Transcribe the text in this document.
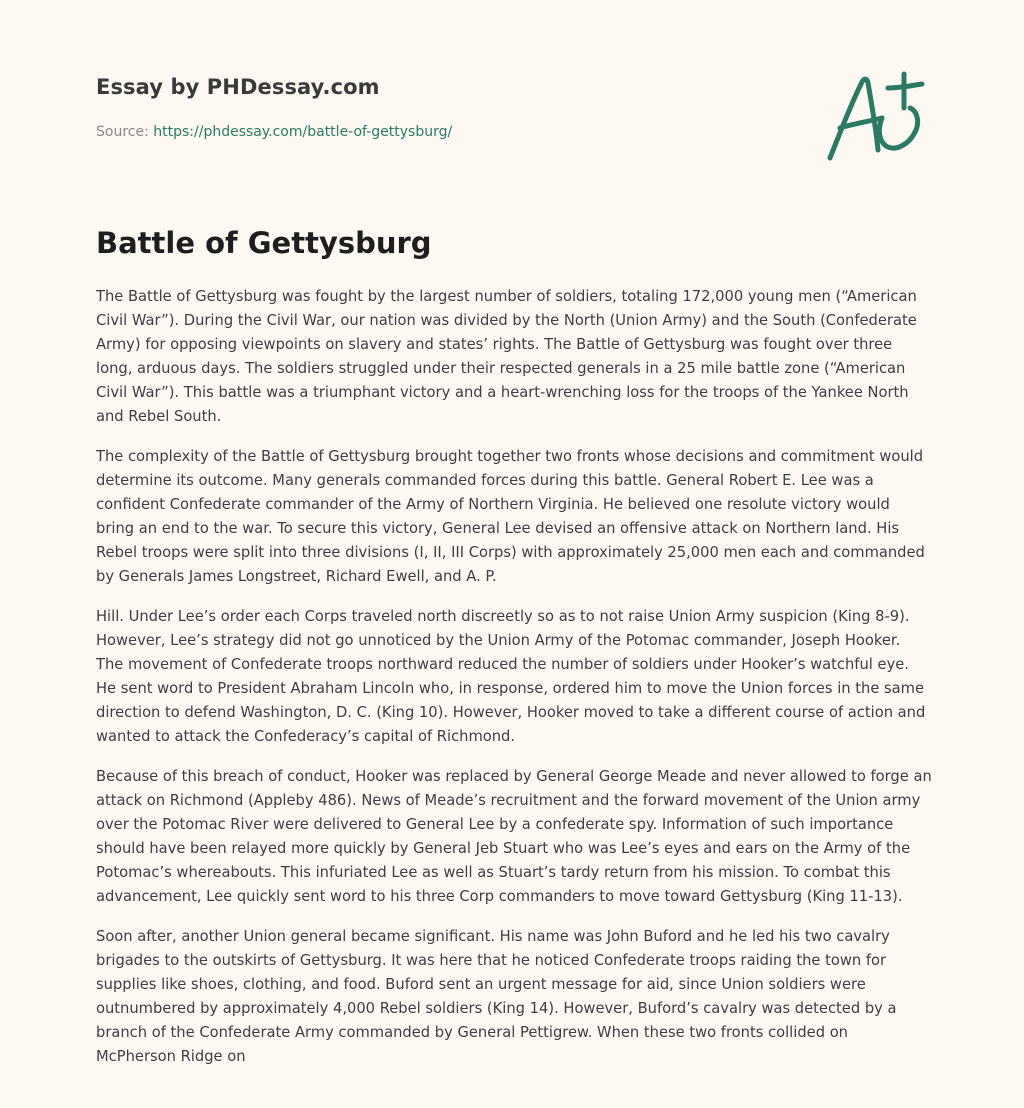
Essay by PHDessay.com

Source: https://phdessay.com/battle-of-gettysburg/

Battle of Gettysburg

The Battle of Gettysburg was fought by the largest number of soldiers, totaling 172,000 young men (“American Civil War”). During the Civil War, our nation was divided by the North (Union Army) and the South (Confederate Army) for opposing viewpoints on slavery and states’ rights. The Battle of Gettysburg was fought over three long, arduous days. The soldiers struggled under their respected generals in a 25 mile battle zone (“American Civil War”). This battle was a triumphant victory and a heart-wrenching loss for the troops of the Yankee North and Rebel South.

The complexity of the Battle of Gettysburg brought together two fronts whose decisions and commitment would determine its outcome. Many generals commanded forces during this battle. General Robert E. Lee was a confident Confederate commander of the Army of Northern Virginia. He believed one resolute victory would bring an end to the war. To secure this victory, General Lee devised an offensive attack on Northern land. His Rebel troops were split into three divisions (I, II, III Corps) with approximately 25,000 men each and commanded by Generals James Longstreet, Richard Ewell, and A. P.

Hill. Under Lee’s order each Corps traveled north discreetly so as to not raise Union Army suspicion (King 8-9). However, Lee’s strategy did not go unnoticed by the Union Army of the Potomac commander, Joseph Hooker. The movement of Confederate troops northward reduced the number of soldiers under Hooker’s watchful eye. He sent word to President Abraham Lincoln who, in response, ordered him to move the Union forces in the same direction to defend Washington, D. C. (King 10). However, Hooker moved to take a different course of action and wanted to attack the Confederacy’s capital of Richmond.

Because of this breach of conduct, Hooker was replaced by General George Meade and never allowed to forge an attack on Richmond (Appleby 486). News of Meade’s recruitment and the forward movement of the Union army over the Potomac River were delivered to General Lee by a confederate spy. Information of such importance should have been relayed more quickly by General Jeb Stuart who was Lee’s eyes and ears on the Army of the Potomac’s whereabouts. This infuriated Lee as well as Stuart’s tardy return from his mission. To combat this advancement, Lee quickly sent word to his three Corp commanders to move toward Gettysburg (King 11-13).

Soon after, another Union general became significant. His name was John Buford and he led his two cavalry brigades to the outskirts of Gettysburg. It was here that he noticed Confederate troops raiding the town for supplies like shoes, clothing, and food. Buford sent an urgent message for aid, since Union soldiers were outnumbered by approximately 4,000 Rebel soldiers (King 14). However, Buford’s cavalry was detected by a branch of the Confederate Army commanded by General Pettigrew. When these two fronts collided on McPherson Ridge on
